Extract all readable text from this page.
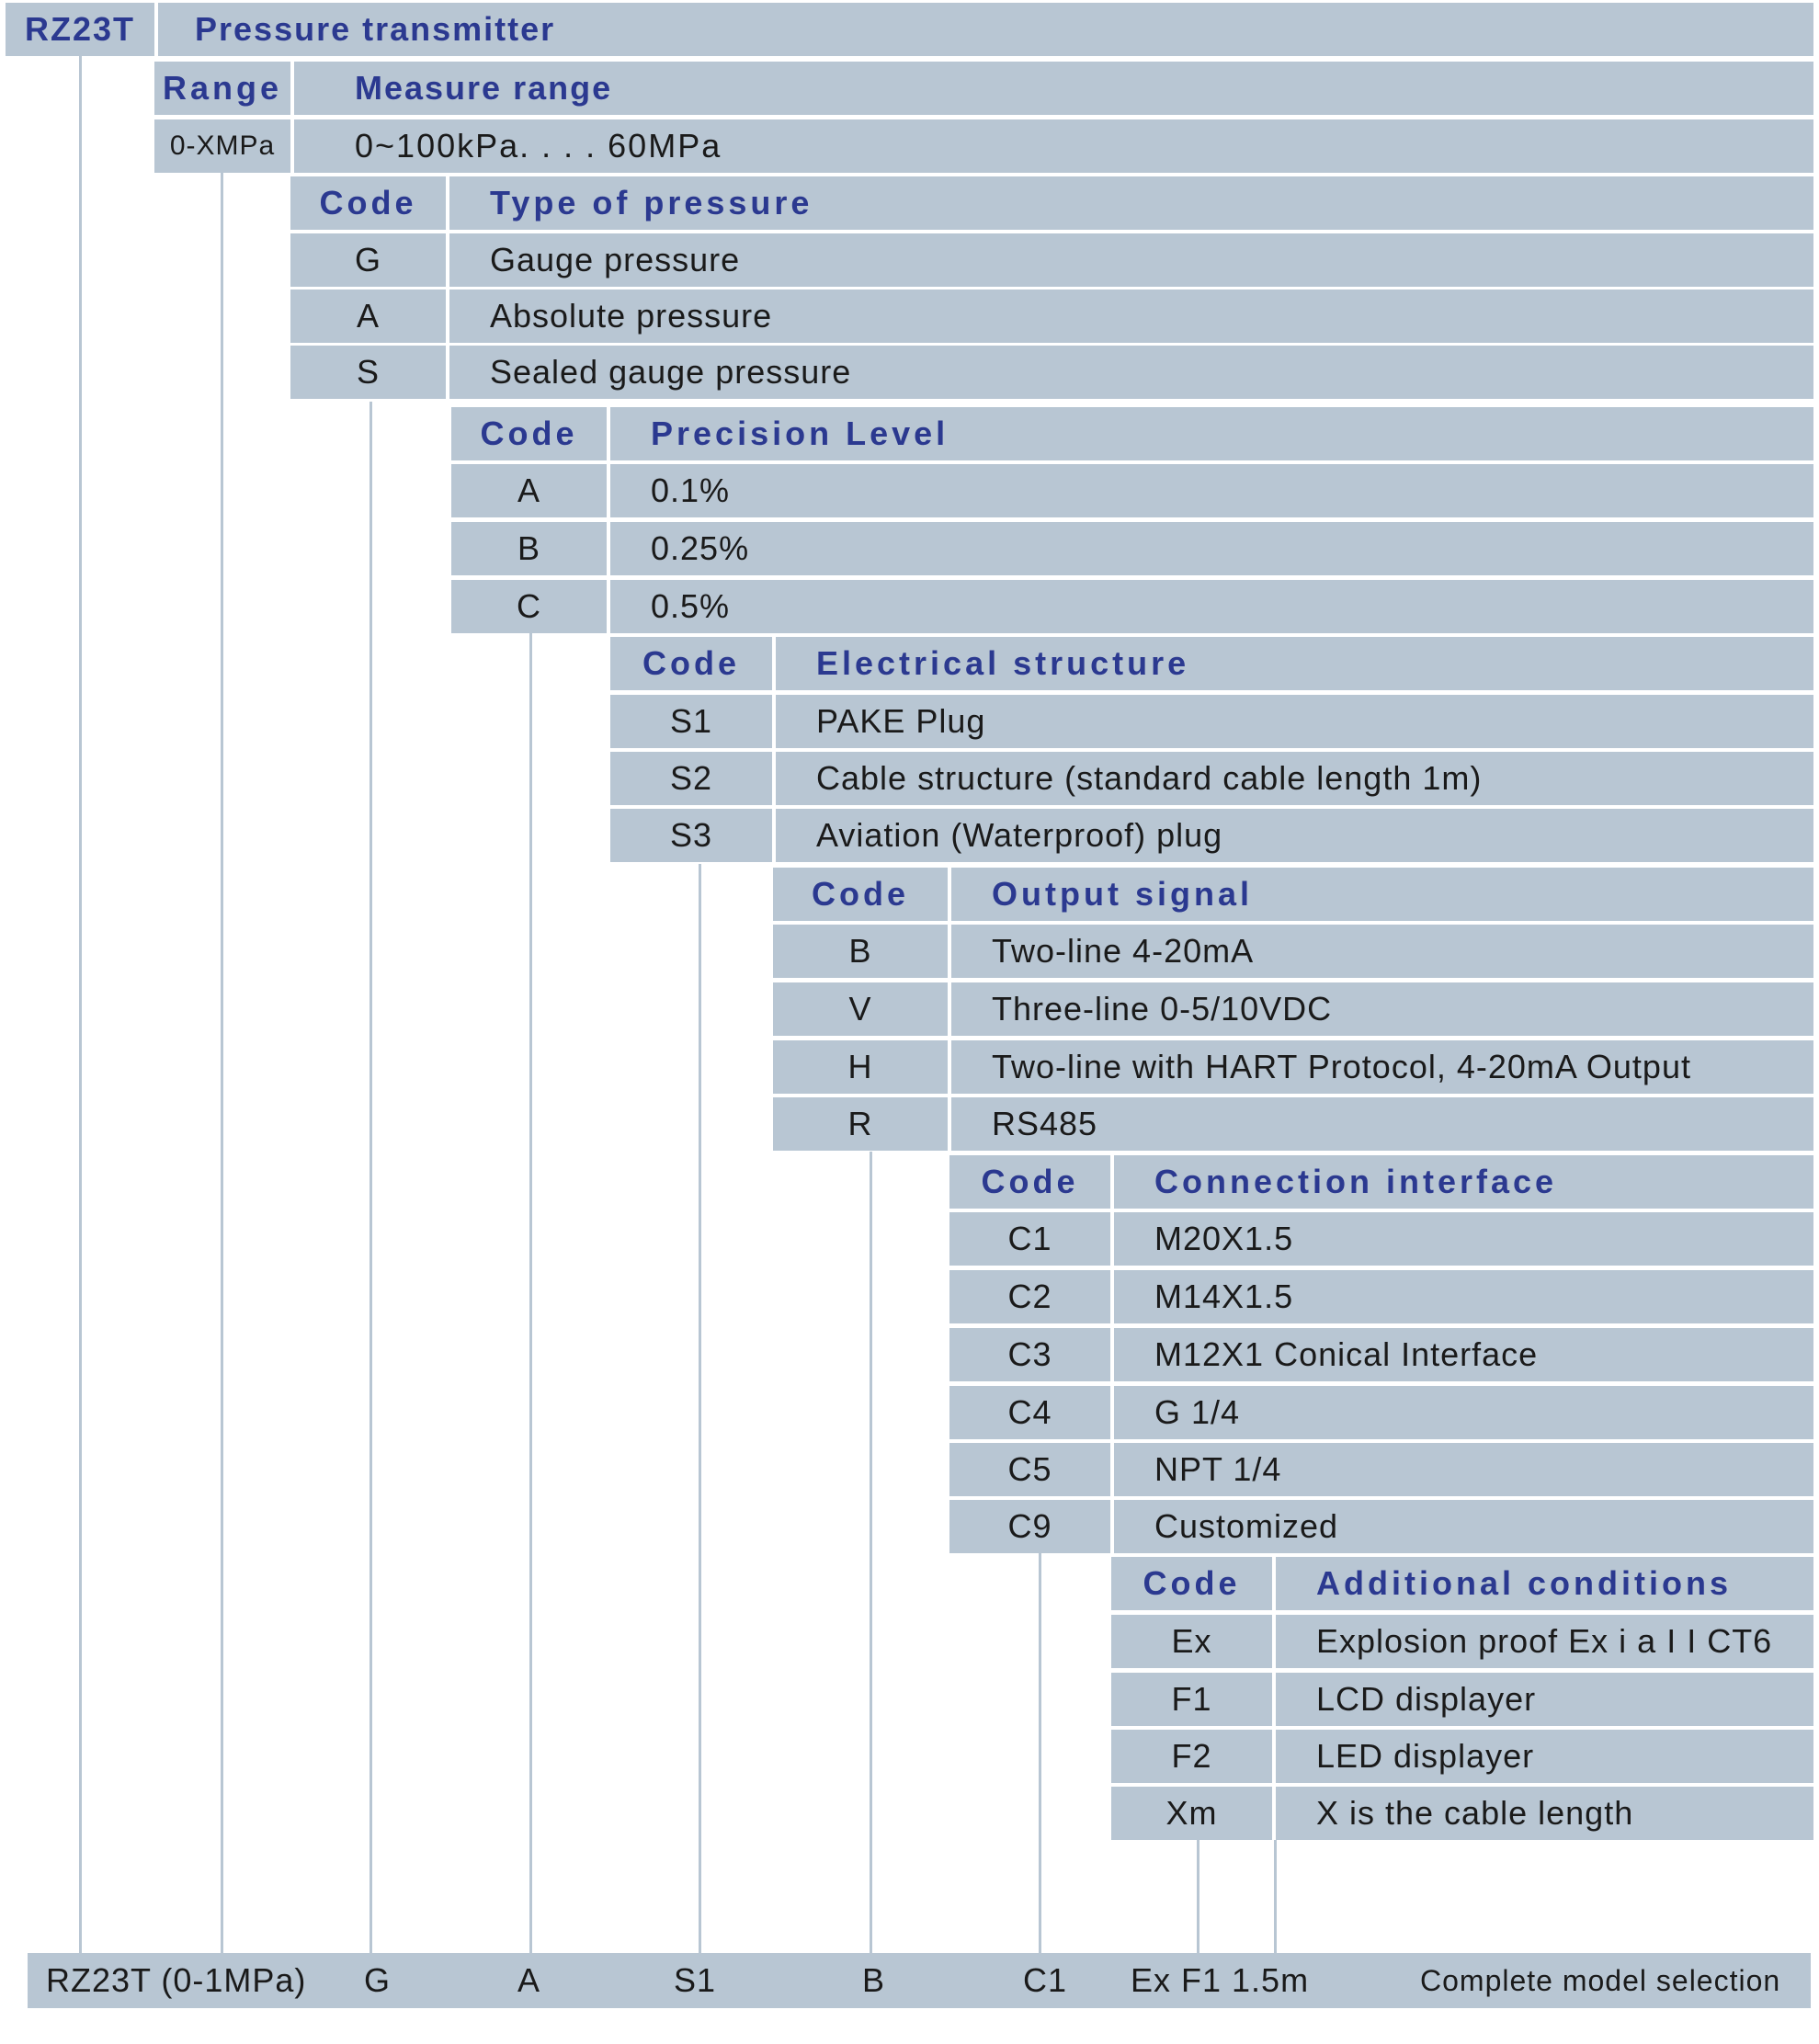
RZ23T	Pressure transmitter
Range	Measure range
0-XMPa	0~100kPa. . . . 60MPa
Code	Type of pressure
G	Gauge pressure
A	Absolute pressure
S	Sealed gauge pressure
Code	Precision Level
A	0.1%
B	0.25%
C	0.5%
Code	Electrical structure
S1	PAKE Plug
S2	Cable structure (standard cable length 1m)
S3	Aviation (Waterproof) plug
Code	Output signal
B	Two-line 4-20mA
V	Three-line 0-5/10VDC
H	Two-line with HART Protocol, 4-20mA Output
R	RS485
Code	Connection interface
C1	M20X1.5
C2	M14X1.5
C3	M12X1 Conical Interface
C4	G 1/4
C5	NPT 1/4
C9	Customized
Code	Additional conditions
Ex	Explosion proof Ex i a I I CT6
F1	LCD displayer
F2	LED displayer
Xm	X is the cable length
RZ23T (0-1MPa) G	A	S1	B	C1 Ex F1 1.5m	Complete model selection
